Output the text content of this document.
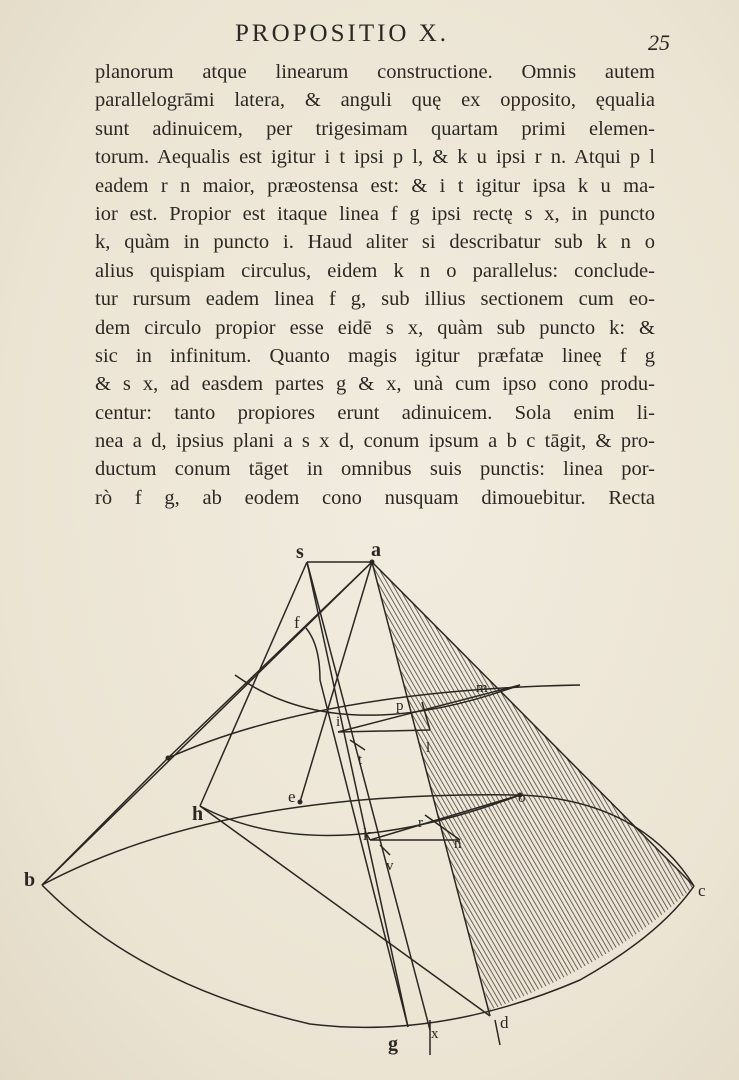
PROPOSITIO X.	25
planorum atque linearum constructione. Omnis autem
parallelogrāmi latera, & anguli quę ex opposito, ęqualia
sunt adinuicem, per trigesimam quartam primi elemen-
torum. Aequalis est igitur i t ipsi p l, & k u ipsi r n. Atqui p l
eadem r n maior, præostensa est: & i t igitur ipsa k u ma-
ior est. Propior est itaque linea f g ipsi rectę s x, in puncto
k, quàm in puncto i. Haud aliter si describatur sub k n o
alius quispiam circulus, eidem k n o parallelus: conclude-
tur rursum eadem linea f g, sub illius sectionem cum eo-
dem circulo propior esse eidē s x, quàm sub puncto k: &
sic in infinitum. Quanto magis igitur præfatæ lineę f g
& s x, ad easdem partes g & x, unà cum ipso cono produ-
centur: tanto propiores erunt adinuicem. Sola enim li-
nea a d, ipsius plani a s x d, conum ipsum a b c tāgit, & pro-
ductum conum tāget in omnibus suis punctis: linea por-
rò f g, ab eodem cono nusquam dimouebitur. Recta
s	a
f
m
p
i
l
t
e
h
o
r
k	n
v
b	c
g x
d
